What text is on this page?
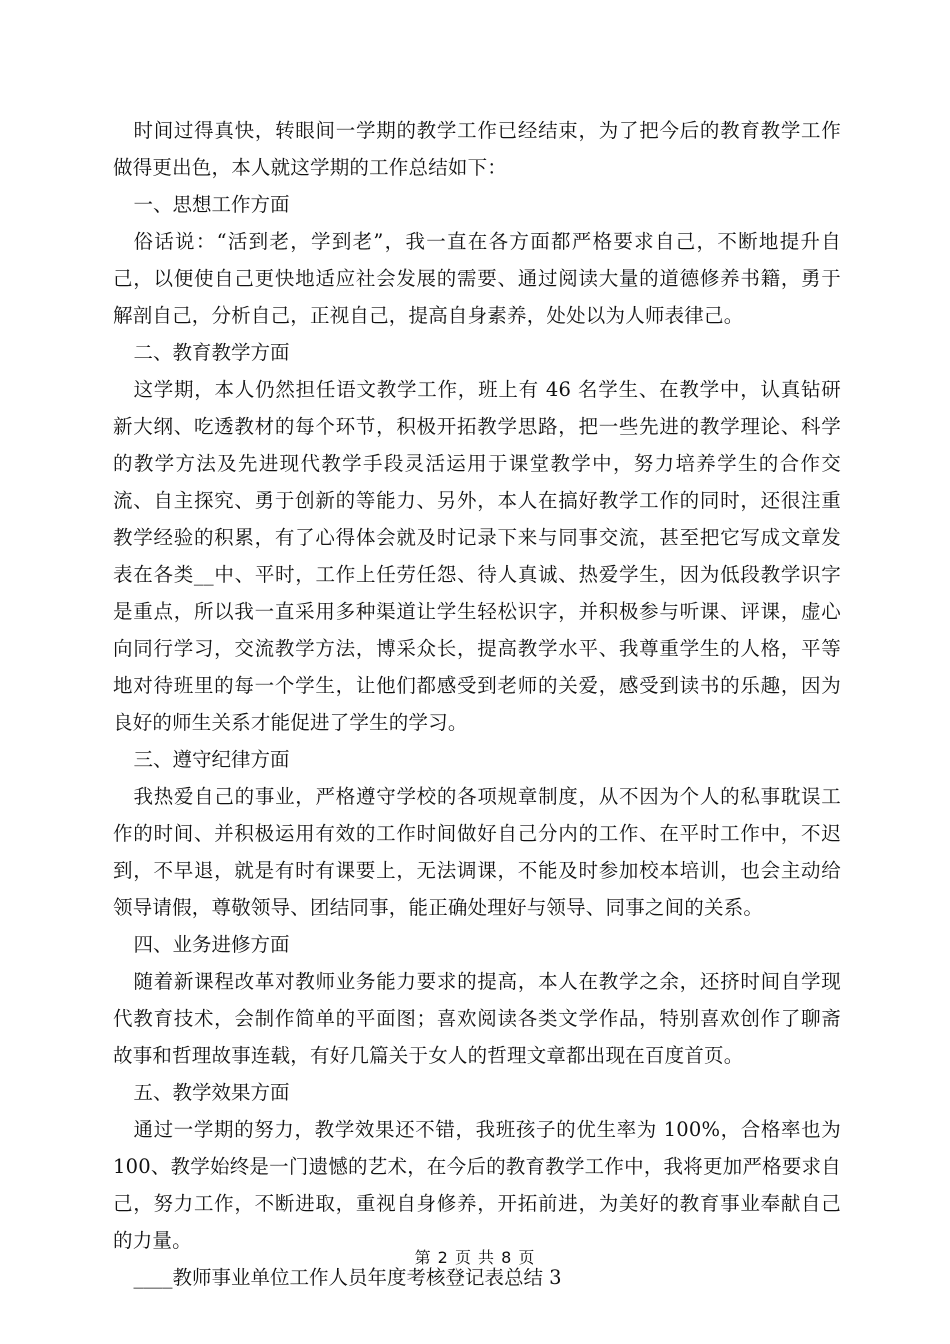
时间过得真快，转眼间一学期的教学工作已经结束，为了把今后的教育教学工作做得更出色，本人就这学期的工作总结如下：

一、思想工作方面

俗话说：“活到老，学到老”，我一直在各方面都严格要求自己，不断地提升自己，以便使自己更快地适应社会发展的需要、通过阅读大量的道德修养书籍，勇于解剖自己，分析自己，正视自己，提高自身素养，处处以为人师表律己。

二、教育教学方面

这学期，本人仍然担任语文教学工作，班上有 46 名学生、在教学中，认真钻研新大纲、吃透教材的每个环节，积极开拓教学思路，把一些先进的教学理论、科学的教学方法及先进现代教学手段灵活运用于课堂教学中，努力培养学生的合作交流、自主探究、勇于创新的等能力、另外，本人在搞好教学工作的同时，还很注重教学经验的积累，有了心得体会就及时记录下来与同事交流，甚至把它写成文章发表在各类__中、平时，工作上任劳任怨、待人真诚、热爱学生，因为低段教学识字是重点，所以我一直采用多种渠道让学生轻松识字，并积极参与听课、评课，虚心向同行学习，交流教学方法，博采众长，提高教学水平、我尊重学生的人格，平等地对待班里的每一个学生，让他们都感受到老师的关爱，感受到读书的乐趣，因为良好的师生关系才能促进了学生的学习。

三、遵守纪律方面

我热爱自己的事业，严格遵守学校的各项规章制度，从不因为个人的私事耽误工作的时间、并积极运用有效的工作时间做好自己分内的工作、在平时工作中，不迟到，不早退，就是有时有课要上，无法调课，不能及时参加校本培训，也会主动给领导请假，尊敬领导、团结同事，能正确处理好与领导、同事之间的关系。

四、业务进修方面

随着新课程改革对教师业务能力要求的提高，本人在教学之余，还挤时间自学现代教育技术，会制作简单的平面图；喜欢阅读各类文学作品，特别喜欢创作了聊斋故事和哲理故事连载，有好几篇关于女人的哲理文章都出现在百度首页。

五、教学效果方面

通过一学期的努力，教学效果还不错，我班孩子的优生率为 100%，合格率也为 100、教学始终是一门遗憾的艺术，在今后的教育教学工作中，我将更加严格要求自己，努力工作，不断进取，重视自身修养，开拓前进，为美好的教育事业奉献自己的力量。

____教师事业单位工作人员年度考核登记表总结 3

第 2 页 共 8 页
